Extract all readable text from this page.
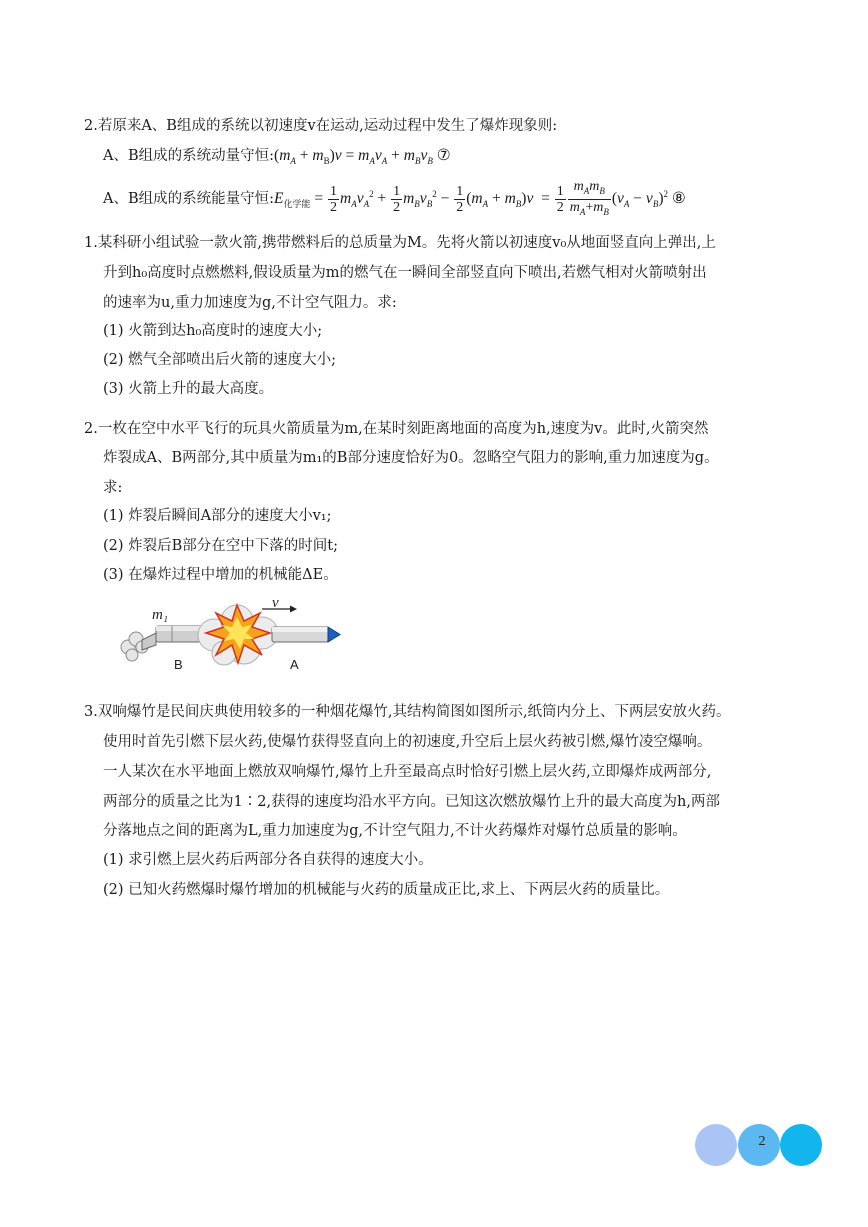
2.若原来A、B组成的系统以初速度v在运动,运动过程中发生了爆炸现象则:
A、B组成的系统动量守恒$:(m_A + m_B)v = m_Av_A + m_Bv_B$ ⑦
A、B组成的系统能量守恒$:E_{化学能} = \frac{1}{2} m_Av_A^2 + \frac{1}{2} m_Bv_B^2 - \frac{1}{2} (m_A + m_B)v = \frac{1}{2} \frac{m_Am_B}{m_A+m_B} (v_A - v_B)^2$ ⑧
1.某科研小组试验一款火箭,携带燃料后的总质量为M。先将火箭以初速度v₀从地面竖直向上弹出,上
升到h₀高度时点燃燃料,假设质量为m的燃气在一瞬间全部竖直向下喷出,若燃气相对火箭喷射出
的速率为u,重力加速度为g,不计空气阻力。求:
(1) 火箭到达h₀高度时的速度大小;
(2) 燃气全部喷出后火箭的速度大小;
(3) 火箭上升的最大高度。
2.一枚在空中水平飞行的玩具火箭质量为m,在某时刻距离地面的高度为h,速度为v。此时,火箭突然
炸裂成A、B两部分,其中质量为m₁的B部分速度恰好为0。忽略空气阻力的影响,重力加速度为g。
求:
(1) 炸裂后瞬间A部分的速度大小v₁;
(2) 炸裂后B部分在空中下落的时间t;
(3) 在爆炸过程中增加的机械能ΔE。
m₁
v
B	A
3.双响爆竹是民间庆典使用较多的一种烟花爆竹,其结构简图如图所示,纸筒内分上、下两层安放火药。
使用时首先引燃下层火药,使爆竹获得竖直向上的初速度,升空后上层火药被引燃,爆竹凌空爆响。
一人某次在水平地面上燃放双响爆竹,爆竹上升至最高点时恰好引燃上层火药,立即爆炸成两部分,
两部分的质量之比为1∶2,获得的速度均沿水平方向。已知这次燃放爆竹上升的最大高度为h,两部
分落地点之间的距离为L,重力加速度为g,不计空气阻力,不计火药爆炸对爆竹总质量的影响。
(1) 求引燃上层火药后两部分各自获得的速度大小。
(2) 已知火药燃爆时爆竹增加的机械能与火药的质量成正比,求上、下两层火药的质量比。
2
